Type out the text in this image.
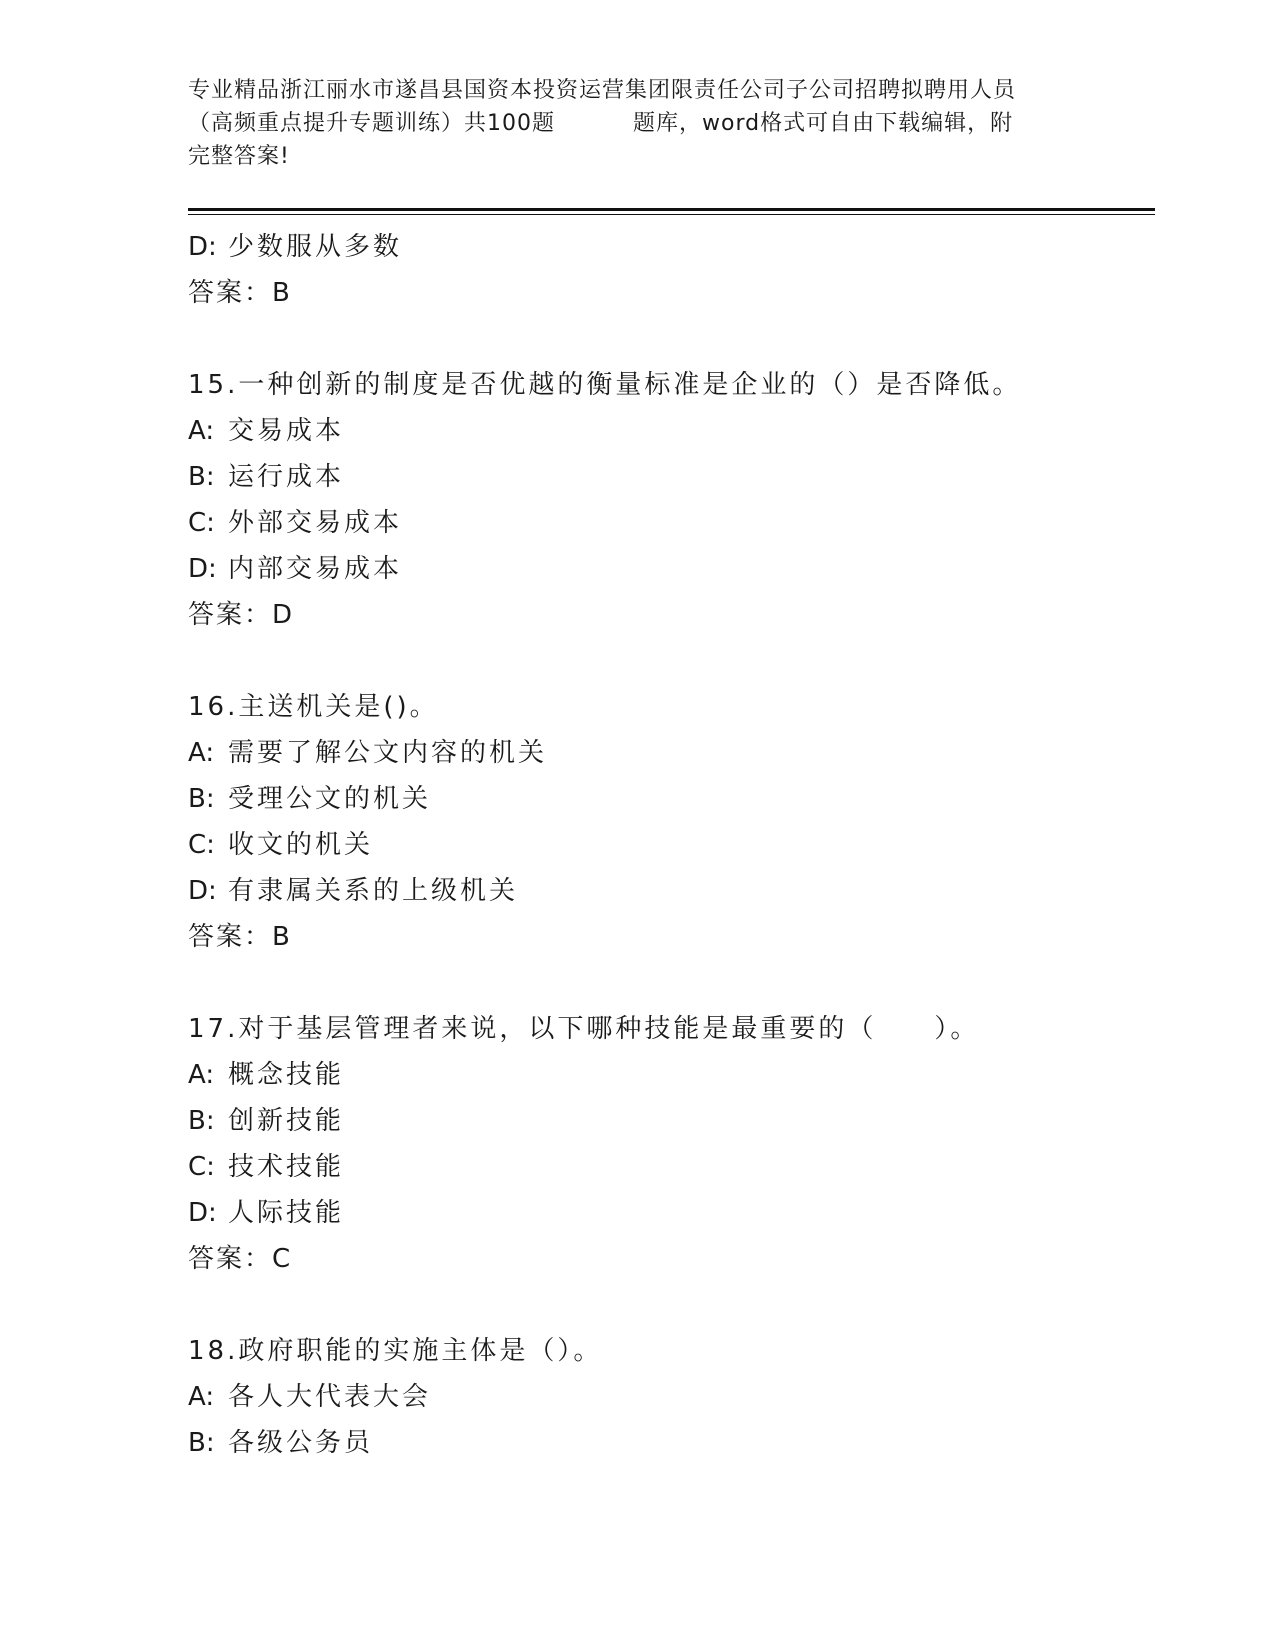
专业精品浙江丽水市遂昌县国资本投资运营集团限责任公司子公司招聘拟聘用人员
（高频重点提升专题训练）共100题	题库，word格式可自由下载编辑，附
完整答案!
D: 少数服从多数
答案：B
15.一种创新的制度是否优越的衡量标准是企业的（）是否降低。
A: 交易成本
B: 运行成本
C: 外部交易成本
D: 内部交易成本
答案：D
16.主送机关是()。
A: 需要了解公文内容的机关
B: 受理公文的机关
C: 收文的机关
D: 有隶属关系的上级机关
答案：B
17.对于基层管理者来说，以下哪种技能是最重要的（　　）。
A: 概念技能
B: 创新技能
C: 技术技能
D: 人际技能
答案：C
18.政府职能的实施主体是（）。
A: 各人大代表大会
B: 各级公务员
